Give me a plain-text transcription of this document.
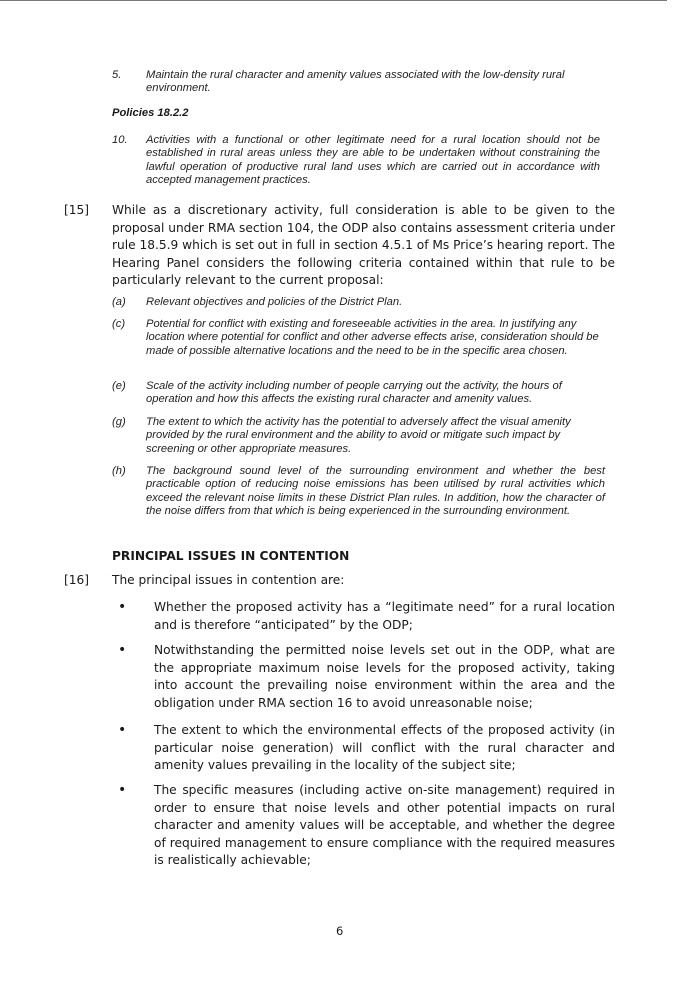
5. Maintain the rural character and amenity values associated with the low-density rural environment.
Policies 18.2.2
10. Activities with a functional or other legitimate need for a rural location should not be established in rural areas unless they are able to be undertaken without constraining the lawful operation of productive rural land uses which are carried out in accordance with accepted management practices.
[15] While as a discretionary activity, full consideration is able to be given to the proposal under RMA section 104, the ODP also contains assessment criteria under rule 18.5.9 which is set out in full in section 4.5.1 of Ms Price’s hearing report. The Hearing Panel considers the following criteria contained within that rule to be particularly relevant to the current proposal:
(a) Relevant objectives and policies of the District Plan.
(c) Potential for conflict with existing and foreseeable activities in the area. In justifying any location where potential for conflict and other adverse effects arise, consideration should be made of possible alternative locations and the need to be in the specific area chosen.
(e) Scale of the activity including number of people carrying out the activity, the hours of operation and how this affects the existing rural character and amenity values.
(g) The extent to which the activity has the potential to adversely affect the visual amenity provided by the rural environment and the ability to avoid or mitigate such impact by screening or other appropriate measures.
(h) The background sound level of the surrounding environment and whether the best practicable option of reducing noise emissions has been utilised by rural activities which exceed the relevant noise limits in these District Plan rules. In addition, how the character of the noise differs from that which is being experienced in the surrounding environment.
PRINCIPAL ISSUES IN CONTENTION
[16] The principal issues in contention are:
• Whether the proposed activity has a “legitimate need” for a rural location and is therefore “anticipated” by the ODP;
• Notwithstanding the permitted noise levels set out in the ODP, what are the appropriate maximum noise levels for the proposed activity, taking into account the prevailing noise environment within the area and the obligation under RMA section 16 to avoid unreasonable noise;
• The extent to which the environmental effects of the proposed activity (in particular noise generation) will conflict with the rural character and amenity values prevailing in the locality of the subject site;
• The specific measures (including active on-site management) required in order to ensure that noise levels and other potential impacts on rural character and amenity values will be acceptable, and whether the degree of required management to ensure compliance with the required measures is realistically achievable;
6
